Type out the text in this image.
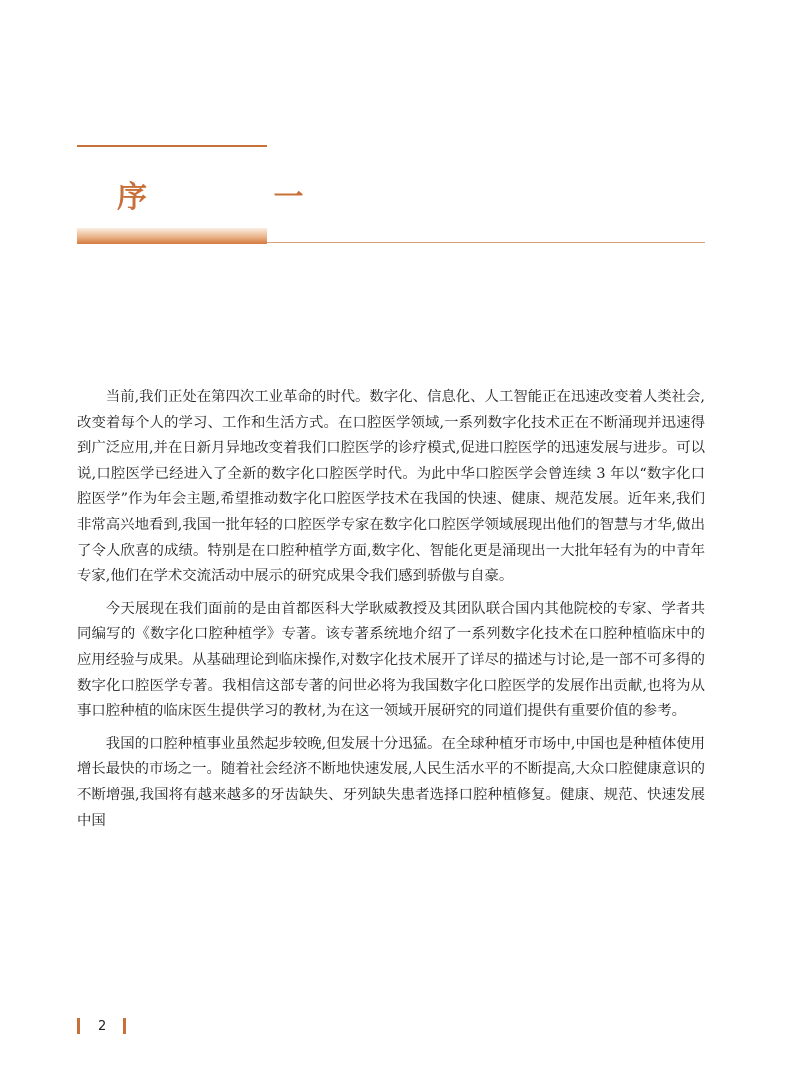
序 一

当前,我们正处在第四次工业革命的时代。数字化、信息化、人工智能正在迅速改变着人类社会,改变着每个人的学习、工作和生活方式。在口腔医学领域,一系列数字化技术正在不断涌现并迅速得到广泛应用,并在日新月异地改变着我们口腔医学的诊疗模式,促进口腔医学的迅速发展与进步。可以说,口腔医学已经进入了全新的数字化口腔医学时代。为此中华口腔医学会曾连续 3 年以“数字化口腔医学”作为年会主题,希望推动数字化口腔医学技术在我国的快速、健康、规范发展。近年来,我们非常高兴地看到,我国一批年轻的口腔医学专家在数字化口腔医学领域展现出他们的智慧与才华,做出了令人欣喜的成绩。特别是在口腔种植学方面,数字化、智能化更是涌现出一大批年轻有为的中青年专家,他们在学术交流活动中展示的研究成果令我们感到骄傲与自豪。

今天展现在我们面前的是由首都医科大学耿威教授及其团队联合国内其他院校的专家、学者共同编写的《数字化口腔种植学》专著。该专著系统地介绍了一系列数字化技术在口腔种植临床中的应用经验与成果。从基础理论到临床操作,对数字化技术展开了详尽的描述与讨论,是一部不可多得的数字化口腔医学专著。我相信这部专著的问世必将为我国数字化口腔医学的发展作出贡献,也将为从事口腔种植的临床医生提供学习的教材,为在这一领域开展研究的同道们提供有重要价值的参考。

我国的口腔种植事业虽然起步较晚,但发展十分迅猛。在全球种植牙市场中,中国也是种植体使用增长最快的市场之一。随着社会经济不断地快速发展,人民生活水平的不断提高,大众口腔健康意识的不断增强,我国将有越来越多的牙齿缺失、牙列缺失患者选择口腔种植修复。健康、规范、快速发展中国

2
